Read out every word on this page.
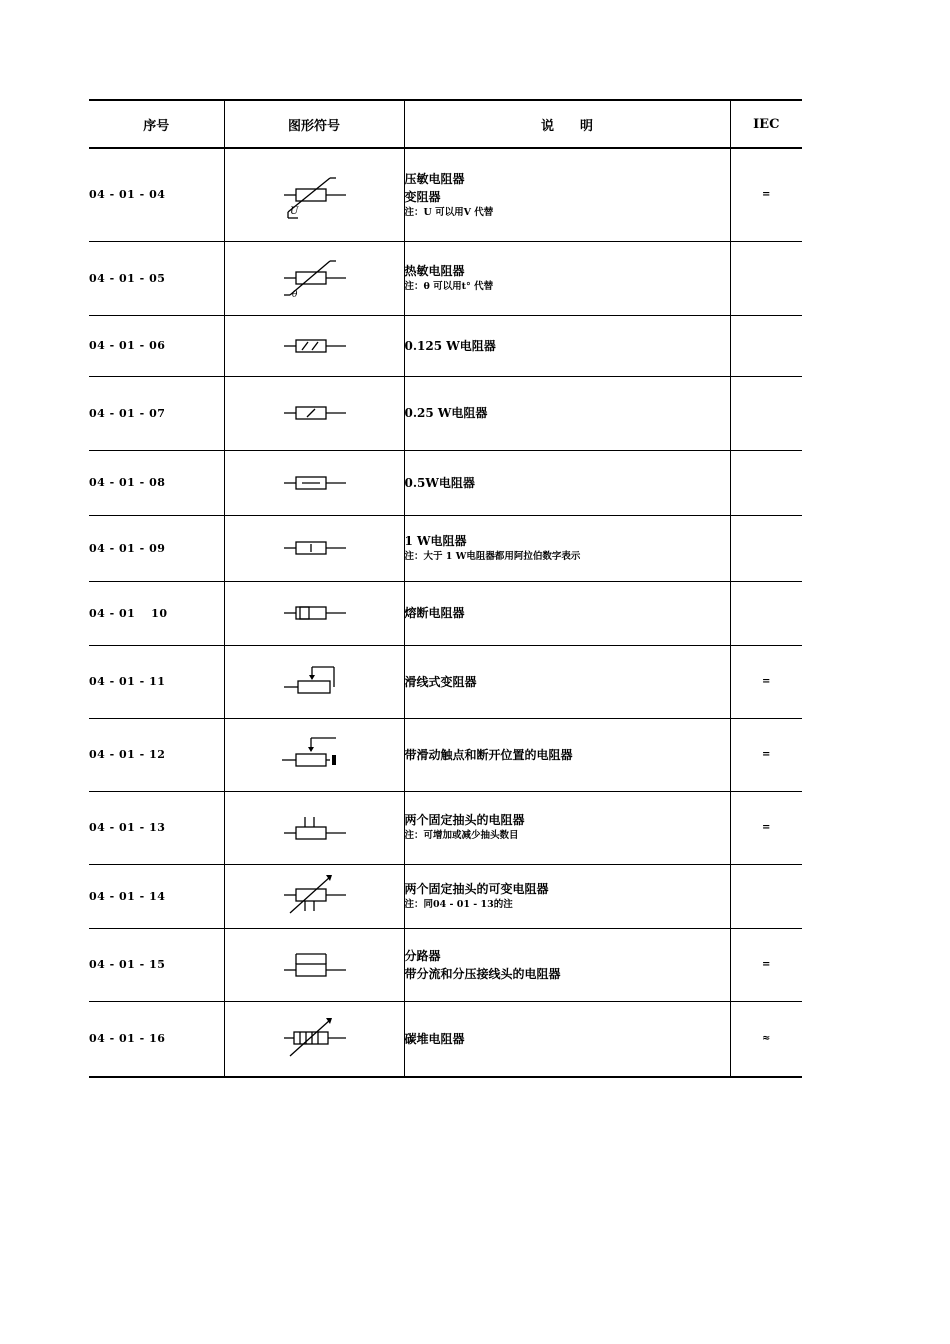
序号	图形符号	说　　明	IEC
04 - 01 - 04	U	压敏电阻器
变阻器
注：U 可以用V 代替	=
04 - 01 - 05	θ	热敏电阻器
注：θ 可以用t° 代替	

04 - 01 - 06		0.125 W电阻器	

04 - 01 - 07		0.25 W电阻器	

04 - 01 - 08		0.5W电阻器	

04 - 01 - 09		1 W电阻器
注：大于 1 W电阻器都用阿拉伯数字表示	

04 - 01 　10		熔断电阻器	

04 - 01 - 11		滑线式变阻器	=
04 - 01 - 12		带滑动触点和断开位置的电阻器	=
04 - 01 - 13		两个固定抽头的电阻器
注：可增加或减少抽头数目	=
04 - 01 - 14		两个固定抽头的可变电阻器
注：同04 - 01 - 13的注	

04 - 01 - 15		分路器
带分流和分压接线头的电阻器	=
04 - 01 - 16		碳堆电阻器	≈
